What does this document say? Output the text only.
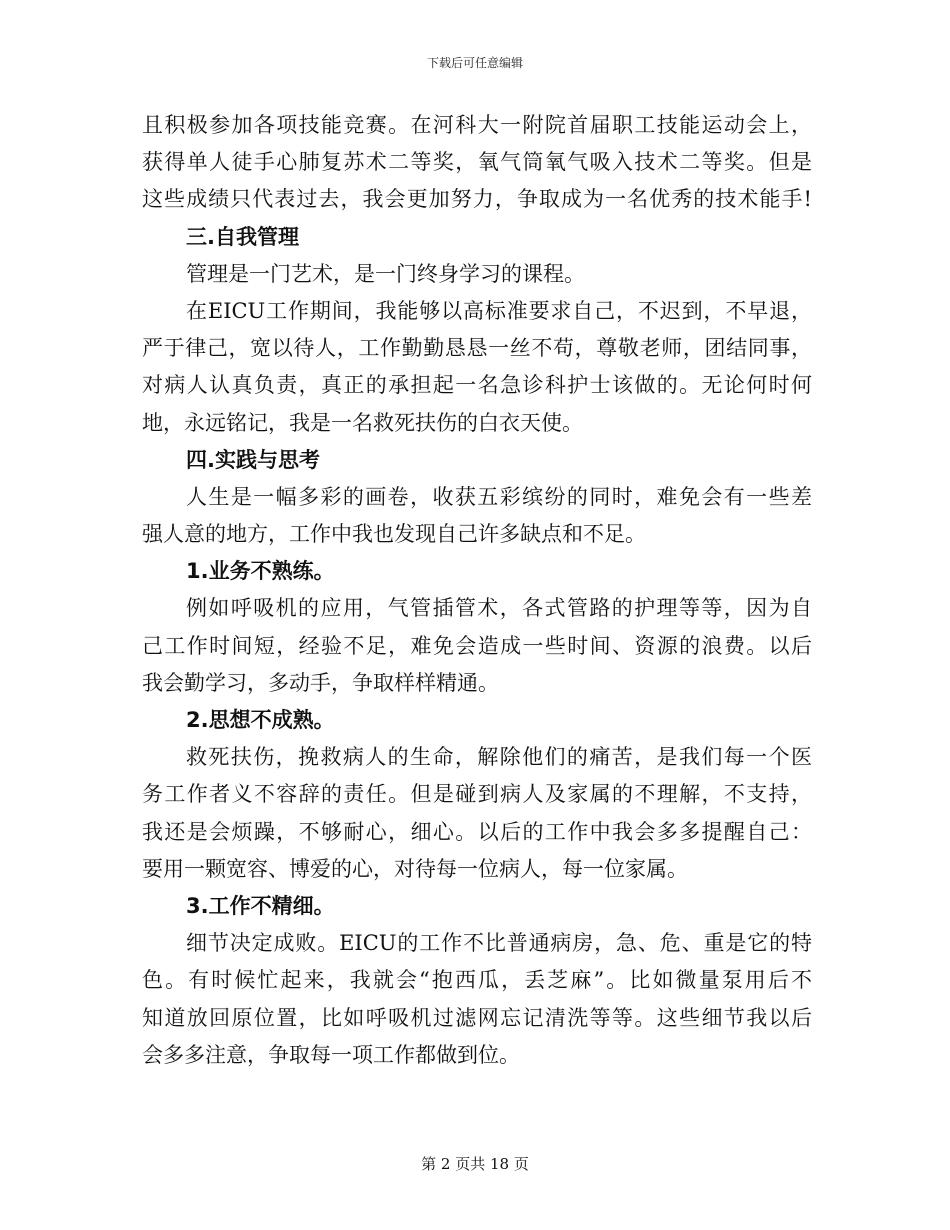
下载后可任意编辑
且积极参加各项技能竞赛。在河科大一附院首届职工技能运动会上，
获得单人徒手心肺复苏术二等奖，氧气筒氧气吸入技术二等奖。但是
这些成绩只代表过去，我会更加努力，争取成为一名优秀的技术能手!
三.自我管理
管理是一门艺术，是一门终身学习的课程。
在EICU工作期间，我能够以高标准要求自己，不迟到，不早退，
严于律己，宽以待人，工作勤勤恳恳一丝不苟，尊敬老师，团结同事，
对病人认真负责，真正的承担起一名急诊科护士该做的。无论何时何
地，永远铭记，我是一名救死扶伤的白衣天使。
四.实践与思考
人生是一幅多彩的画卷，收获五彩缤纷的同时，难免会有一些差
强人意的地方，工作中我也发现自己许多缺点和不足。
1.业务不熟练。
例如呼吸机的应用，气管插管术，各式管路的护理等等，因为自
己工作时间短，经验不足，难免会造成一些时间、资源的浪费。以后
我会勤学习，多动手，争取样样精通。
2.思想不成熟。
救死扶伤，挽救病人的生命，解除他们的痛苦，是我们每一个医
务工作者义不容辞的责任。但是碰到病人及家属的不理解，不支持，
我还是会烦躁，不够耐心，细心。以后的工作中我会多多提醒自己：
要用一颗宽容、博爱的心，对待每一位病人，每一位家属。
3.工作不精细。
细节决定成败。EICU的工作不比普通病房，急、危、重是它的特
色。有时候忙起来，我就会“抱西瓜，丢芝麻”。比如微量泵用后不
知道放回原位置，比如呼吸机过滤网忘记清洗等等。这些细节我以后
会多多注意，争取每一项工作都做到位。
第 2 页共 18 页
